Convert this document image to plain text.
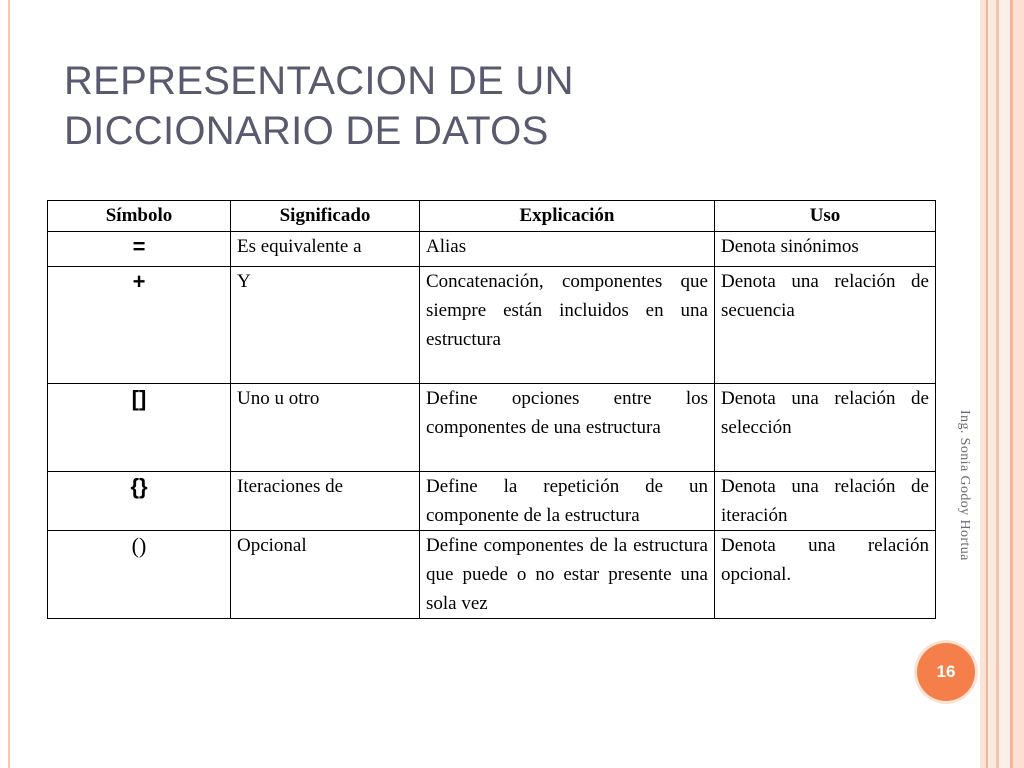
REPRESENTACION DE UN
DICCIONARIO DE DATOS
Símbolo	Significado	Explicación	Uso
=	Es equivalente a	Alias	Denota sinónimos
+	Y	Concatenación, componentes que siempre están incluidos en una estructura	Denota una relación de secuencia
[]	Uno u otro	Define opciones entre los componentes de una estructura	Denota una relación de selección
{}	Iteraciones de	Define la repetición de un componente de la estructura	Denota una relación de iteración
()	Opcional	Define componentes de la estructura que puede o no estar presente una sola vez	Denota una relación opcional.
Ing. Sonia Godoy Hortua
16
